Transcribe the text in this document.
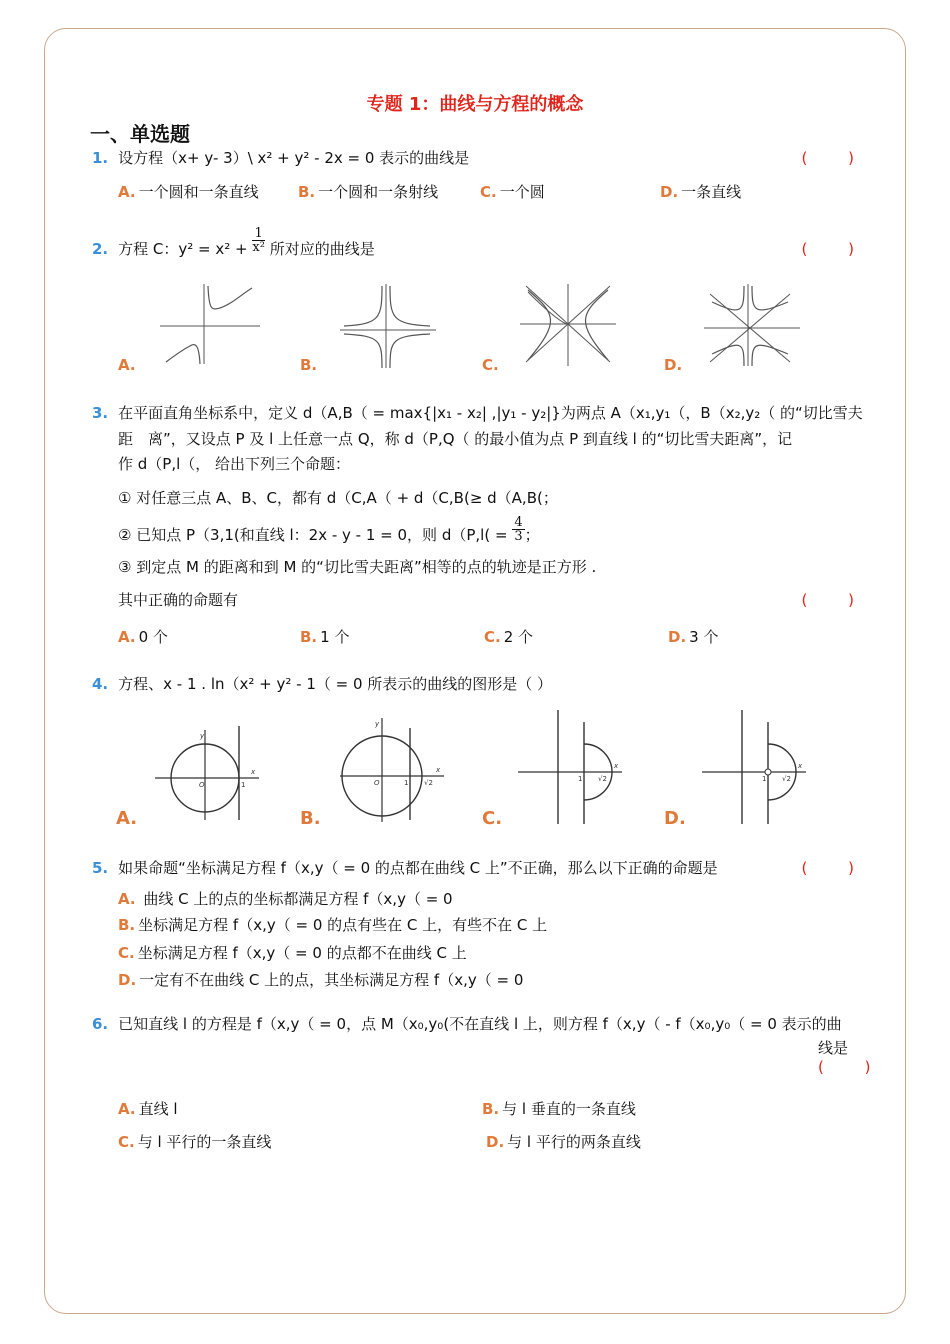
专题 1：曲线与方程的概念
一、单选题
1. 设方程（x+ y- 3）\ x² + y² - 2x = 0 表示的曲线是	( )
A. 一个圆和一条直线	B. 一个圆和一条射线	C. 一个圆	D. 一条直线
2. 方程 C：$y^2 = x^2 + \frac{1}{\text{x²}}$ 所对应的曲线是	( )
A.	B.	C.	D.
3. 在平面直角坐标系中，定义 d（A,B（ = max{|x₁ - x₂| ,|y₁ - y₂|}为两点 A（x₁,y₁（，B（x₂,y₂（ 的“切比雪夫
距　离”，又设点 P 及 l 上任意一点 Q，称 d（P,Q（ 的最小值为点 P 到直线 l 的“切比雪夫距离”，记
作 d（P,l（， 给出下列三个命题：
① 对任意三点 A、B、C，都有 d（C,A（ + d（C,B(≥ d（A,B(；
② 已知点 P（3,1(和直线 l：2x - y - 1 = 0，则 $d(P,l( = \frac{4}{3}$ ；
③ 到定点 M 的距离和到 M 的“切比雪夫距离”相等的点的轨迹是正方形 .
其中正确的命题有	( )
A. 0 个	B. 1 个	C. 2 个	D. 3 个
4. 方程、x - 1 . ln（x² + y² - 1（ = 0 所表示的曲线的图形是（ ）
x
y
O	1
A.
x
y
O	1 √2
B.
x
1 √2
C.
x
1 √2
D.
5. 如果命题“坐标满足方程 f（x,y（ = 0 的点都在曲线 C 上”不正确，那么以下正确的命题是	( )
A. 曲线 C 上的点的坐标都满足方程 f（x,y（ = 0
B. 坐标满足方程 f（x,y（ = 0 的点有些在 C 上，有些不在 C 上
C. 坐标满足方程 f（x,y（ = 0 的点都不在曲线 C 上
D. 一定有不在曲线 C 上的点，其坐标满足方程 f（x,y（ = 0
6. 已知直线 l 的方程是 f（x,y（ = 0，点 M（x₀,y₀(不在直线 l 上，则方程 f（x,y（ - f（x₀,y₀（ = 0 表示的曲
线是
( )
A. 直线 l	B. 与 l 垂直的一条直线
C. 与 l 平行的一条直线	D. 与 l 平行的两条直线
